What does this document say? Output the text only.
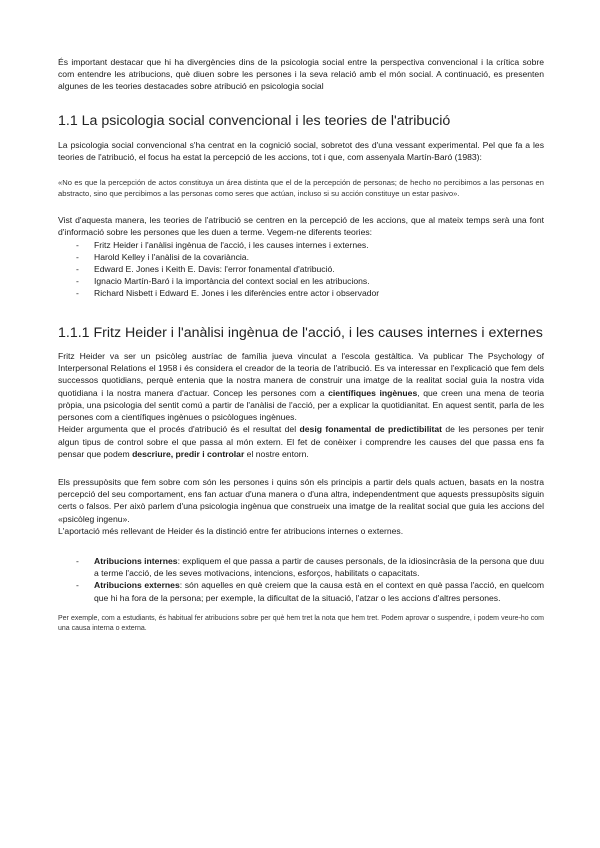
És important destacar que hi ha divergències dins de la psicologia social entre la perspectiva convencional i la crítica sobre com entendre les atribucions, què diuen sobre les persones i la seva relació amb el món social. A continuació, es presenten algunes de les teories destacades sobre atribució en psicologia social

1.1 La psicologia social convencional i les teories de l'atribució

La psicologia social convencional s'ha centrat en la cognició social, sobretot des d'una vessant experimental. Pel que fa a les teories de l'atribució, el focus ha estat la percepció de les accions, tot i que, com assenyala Martín-Baró (1983):

«No es que la percepción de actos constituya un área distinta que el de la percepción de personas; de hecho no percibimos a las personas en abstracto, sino que percibimos a las personas como seres que actúan, incluso si su acción constituye un estar pasivo».

Vist d'aquesta manera, les teories de l'atribució se centren en la percepció de les accions, que al mateix temps serà una font d'informació sobre les persones que les duen a terme. Vegem-ne diferents teories:

- Fritz Heider i l'anàlisi ingènua de l'acció, i les causes internes i externes.
- Harold Kelley i l'anàlisi de la covariància.
- Edward E. Jones i Keith E. Davis: l'error fonamental d'atribució.
- Ignacio Martín-Baró i la importància del context social en les atribucions.
- Richard Nisbett i Edward E. Jones i les diferències entre actor i observador
1.1.1 Fritz Heider i l'anàlisi ingènua de l'acció, i les causes internes i externes

Fritz Heider va ser un psicòleg austríac de família jueva vinculat a l'escola gestàltica. Va publicar The Psychology of Interpersonal Relations el 1958 i és considera el creador de la teoria de l'atribució. Es va interessar en l'explicació que fem dels successos quotidians, perquè entenia que la nostra manera de construir una imatge de la realitat social guia la nostra vida quotidiana i la nostra manera d'actuar. Concep les persones com a científiques ingènues, que creen una mena de teoria pròpia, una psicologia del sentit comú a partir de l'anàlisi de l'acció, per a explicar la quotidianitat. En aquest sentit, parla de les persones com a científiques ingènues o psicòlogues ingènues.

Heider argumenta que el procés d'atribució és el resultat del desig fonamental de predictibilitat de les persones per tenir algun tipus de control sobre el que passa al món extern. El fet de conèixer i comprendre les causes del que passa ens fa pensar que podem descriure, predir i controlar el nostre entorn.

Els pressupòsits que fem sobre com són les persones i quins són els principis a partir dels quals actuen, basats en la nostra percepció del seu comportament, ens fan actuar d'una manera o d'una altra, independentment que aquests pressupòsits siguin certs o falsos. Per això parlem d'una psicologia ingènua que construeix una imatge de la realitat social que guia les accions del «psicòleg ingenu».

L'aportació més rellevant de Heider és la distinció entre fer atribucions internes o externes.

- Atribucions internes: expliquem el que passa a partir de causes personals, de la idiosincràsia de la persona que duu a terme l'acció, de les seves motivacions, intencions, esforços, habilitats o capacitats.
- Atribucions externes: són aquelles en què creiem que la causa està en el context en què passa l'acció, en quelcom que hi ha fora de la persona; per exemple, la dificultat de la situació, l'atzar o les accions d'altres persones.

Per exemple, com a estudiants, és habitual fer atribucions sobre per què hem tret la nota que hem tret. Podem aprovar o suspendre, i podem veure-ho com una causa interna o externa.
